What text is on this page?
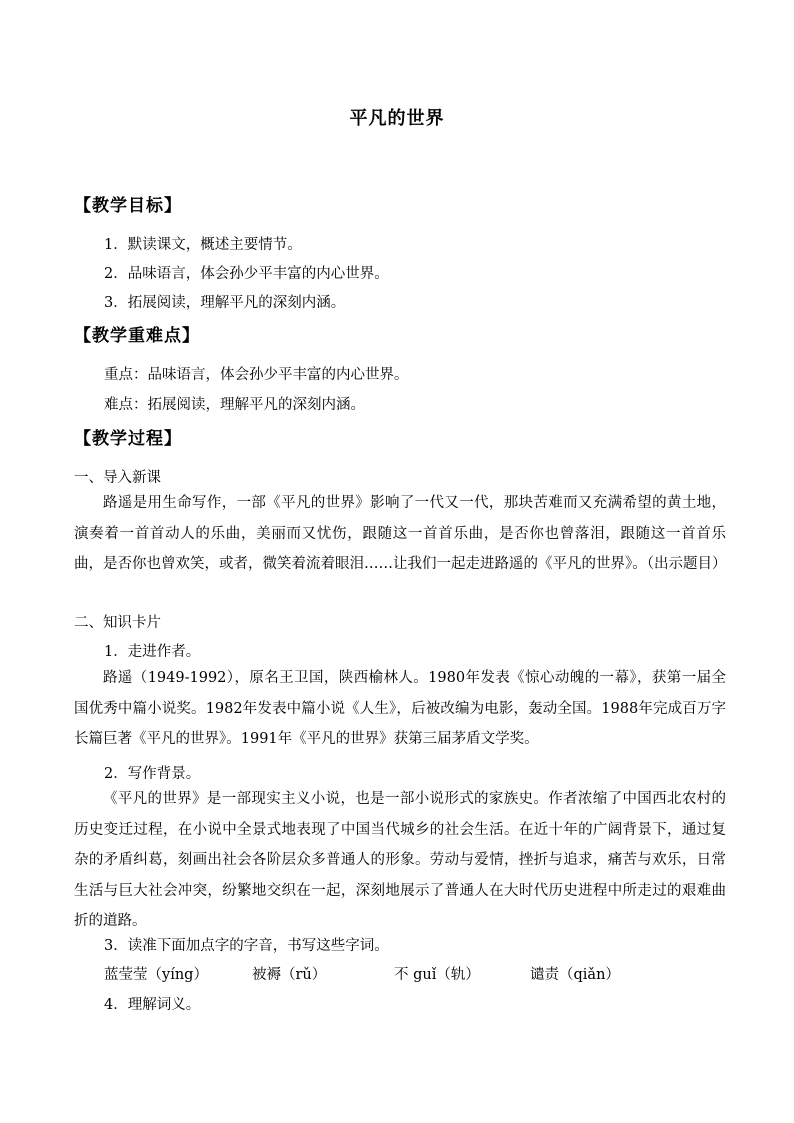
平凡的世界
【教学目标】
1．默读课文，概述主要情节。
2．品味语言，体会孙少平丰富的内心世界。
3．拓展阅读，理解平凡的深刻内涵。
【教学重难点】
重点：品味语言，体会孙少平丰富的内心世界。
难点：拓展阅读，理解平凡的深刻内涵。
【教学过程】
一、导入新课

路遥是用生命写作，一部《平凡的世界》影响了一代又一代，那块苦难而又充满希望的黄土地，演奏着一首首动人的乐曲，美丽而又忧伤，跟随这一首首乐曲，是否你也曾落泪，跟随这一首首乐曲，是否你也曾欢笑，或者，微笑着流着眼泪……让我们一起走进路遥的《平凡的世界》。（出示题目）

二、知识卡片
1．走进作者。

路遥（1949-1992），原名王卫国，陕西榆林人。1980年发表《惊心动魄的一幕》，获第一届全国优秀中篇小说奖。1982年发表中篇小说《人生》，后被改编为电影，轰动全国。1988年完成百万字长篇巨著《平凡的世界》。1991年《平凡的世界》获第三届茅盾文学奖。

2．写作背景。

《平凡的世界》是一部现实主义小说，也是一部小说形式的家族史。作者浓缩了中国西北农村的历史变迁过程，在小说中全景式地表现了中国当代城乡的社会生活。在近十年的广阔背景下，通过复杂的矛盾纠葛，刻画出社会各阶层众多普通人的形象。劳动与爱情，挫折与追求，痛苦与欢乐，日常生活与巨大社会冲突，纷繁地交织在一起，深刻地展示了普通人在大时代历史进程中所走过的艰难曲折的道路。

3．读准下面加点字的字音，书写这些字词。
蓝莹莹（yíng）	被褥（rǔ）	不 guǐ（轨）	谴责（qiǎn）
4．理解词义。
